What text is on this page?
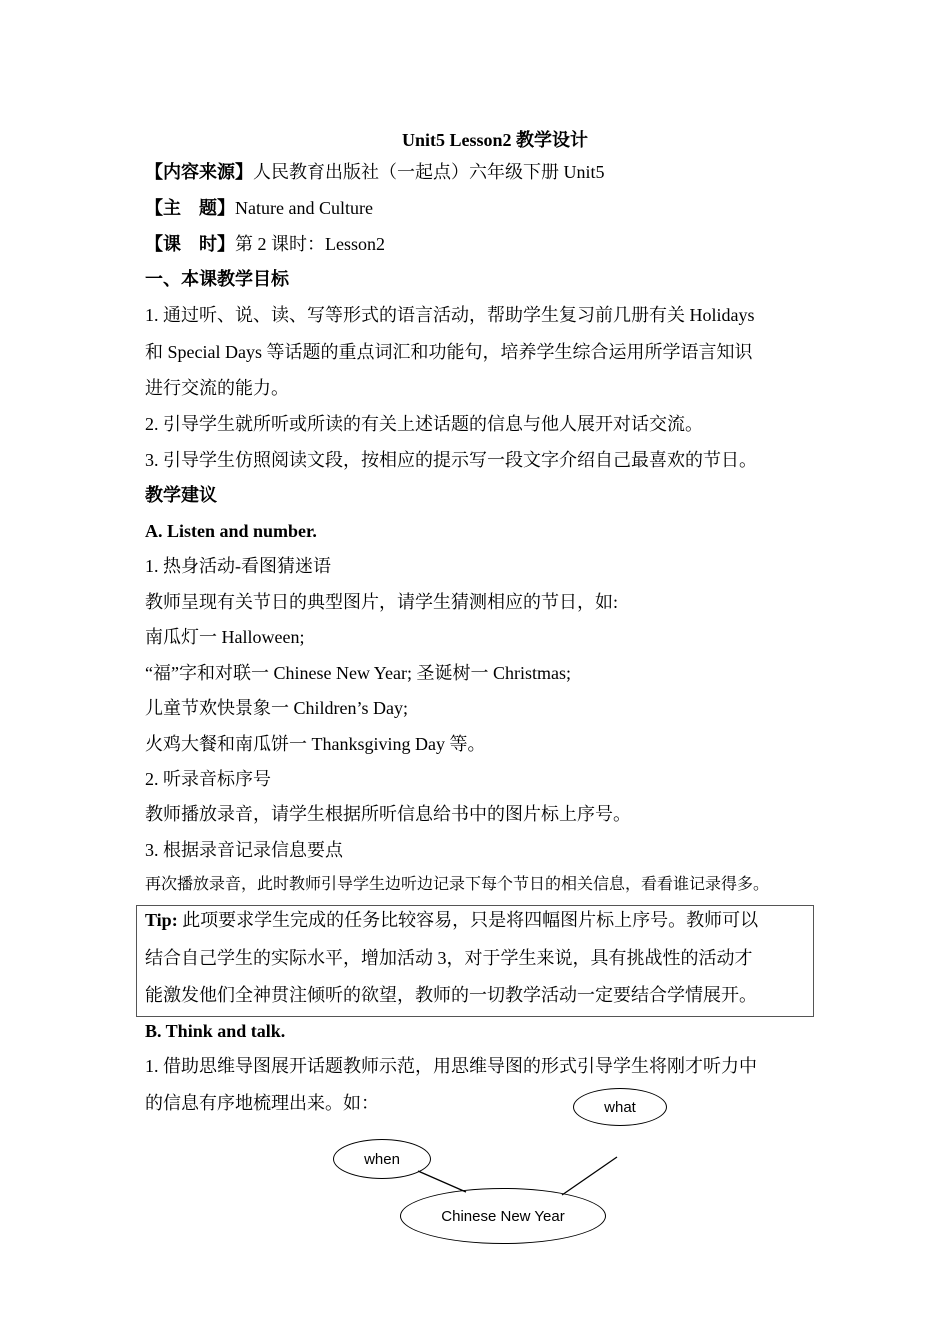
Unit5 Lesson2 教学设计
【内容来源】人民教育出版社（一起点）六年级下册 Unit5
【主　题】Nature and Culture
【课　时】第 2 课时：Lesson2
一、本课教学目标
1. 通过听、说、读、写等形式的语言活动，帮助学生复习前几册有关 Holidays
和 Special Days 等话题的重点词汇和功能句，培养学生综合运用所学语言知识
进行交流的能力。
2. 引导学生就所听或所读的有关上述话题的信息与他人展开对话交流。
3. 引导学生仿照阅读文段，按相应的提示写一段文字介绍自己最喜欢的节日。
教学建议
A. Listen and number.
1. 热身活动-看图猜迷语
教师呈现有关节日的典型图片，请学生猜测相应的节日，如:
南瓜灯一 Halloween;
“福”字和对联一 Chinese New Year; 圣诞树一 Christmas;
儿童节欢快景象一 Children’s Day;
火鸡大餐和南瓜饼一 Thanksgiving Day 等。
2. 听录音标序号
教师播放录音，请学生根据所听信息给书中的图片标上序号。
3. 根据录音记录信息要点
再次播放录音，此时教师引导学生边听边记录下每个节日的相关信息，看看谁记录得多。
Tip: 此项要求学生完成的任务比较容易，只是将四幅图片标上序号。教师可以
结合自己学生的实际水平，增加活动 3，对于学生来说，具有挑战性的活动才
能激发他们全神贯注倾听的欲望，教师的一切教学活动一定要结合学情展开。
B. Think and talk.
1. 借助思维导图展开话题教师示范，用思维导图的形式引导学生将刚才听力中
的信息有序地梳理出来。如：	what
when
Chinese New Year
